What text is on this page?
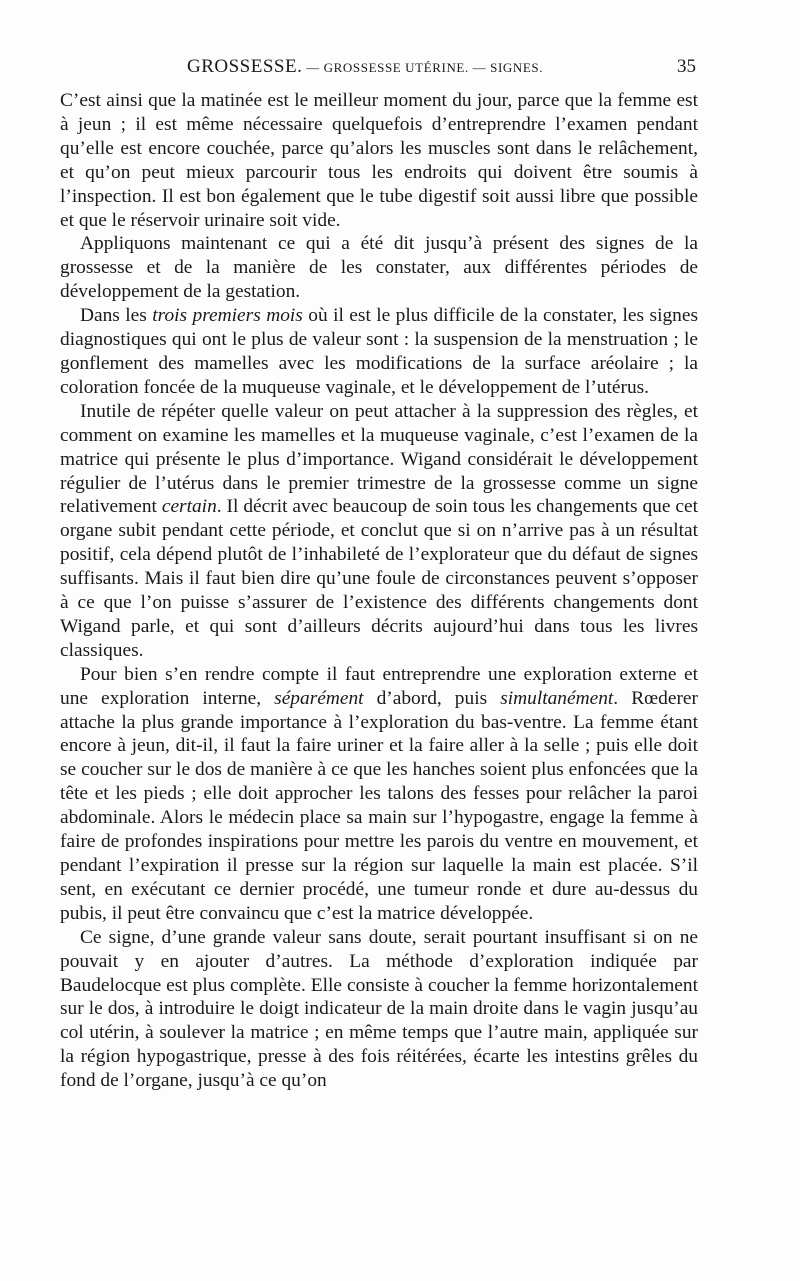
GROSSESSE. — GROSSESSE UTÉRINE. — SIGNES.	35

C’est ainsi que la matinée est le meilleur moment du jour, parce que la femme est à jeun ; il est même nécessaire quelquefois d’entreprendre l’examen pendant qu’elle est encore couchée, parce qu’alors les muscles sont dans le relâchement, et qu’on peut mieux parcourir tous les endroits qui doivent être soumis à l’inspection. Il est bon également que le tube digestif soit aussi libre que possible et que le réservoir urinaire soit vide.

Appliquons maintenant ce qui a été dit jusqu’à présent des signes de la grossesse et de la manière de les constater, aux différentes périodes de développement de la gestation.

Dans les trois premiers mois où il est le plus difficile de la constater, les signes diagnostiques qui ont le plus de valeur sont : la suspension de la menstruation ; le gonflement des mamelles avec les modifications de la surface aréolaire ; la coloration foncée de la muqueuse vaginale, et le développement de l’utérus.

Inutile de répéter quelle valeur on peut attacher à la suppression des règles, et comment on examine les mamelles et la muqueuse vaginale, c’est l’examen de la matrice qui présente le plus d’importance. Wigand considérait le développement régulier de l’utérus dans le premier trimestre de la grossesse comme un signe relativement certain. Il décrit avec beaucoup de soin tous les changements que cet organe subit pendant cette période, et conclut que si on n’arrive pas à un résultat positif, cela dépend plutôt de l’inhabileté de l’explorateur que du défaut de signes suffisants. Mais il faut bien dire qu’une foule de circonstances peuvent s’opposer à ce que l’on puisse s’assurer de l’existence des différents changements dont Wigand parle, et qui sont d’ailleurs décrits aujourd’hui dans tous les livres classiques.

Pour bien s’en rendre compte il faut entreprendre une exploration externe et une exploration interne, séparément d’abord, puis simultanément. Rœderer attache la plus grande importance à l’exploration du bas-ventre. La femme étant encore à jeun, dit-il, il faut la faire uriner et la faire aller à la selle ; puis elle doit se coucher sur le dos de manière à ce que les hanches soient plus enfoncées que la tête et les pieds ; elle doit approcher les talons des fesses pour relâcher la paroi abdominale. Alors le médecin place sa main sur l’hypogastre, engage la femme à faire de profondes inspirations pour mettre les parois du ventre en mouvement, et pendant l’expiration il presse sur la région sur laquelle la main est placée. S’il sent, en exécutant ce dernier procédé, une tumeur ronde et dure au-dessus du pubis, il peut être convaincu que c’est la matrice développée.

Ce signe, d’une grande valeur sans doute, serait pourtant insuffisant si on ne pouvait y en ajouter d’autres. La méthode d’exploration indiquée par Baudelocque est plus complète. Elle consiste à coucher la femme horizontalement sur le dos, à introduire le doigt indicateur de la main droite dans le vagin jusqu’au col utérin, à soulever la matrice ; en même temps que l’autre main, appliquée sur la région hypogastrique, presse à des fois réitérées, écarte les intestins grêles du fond de l’organe, jusqu’à ce qu’on
